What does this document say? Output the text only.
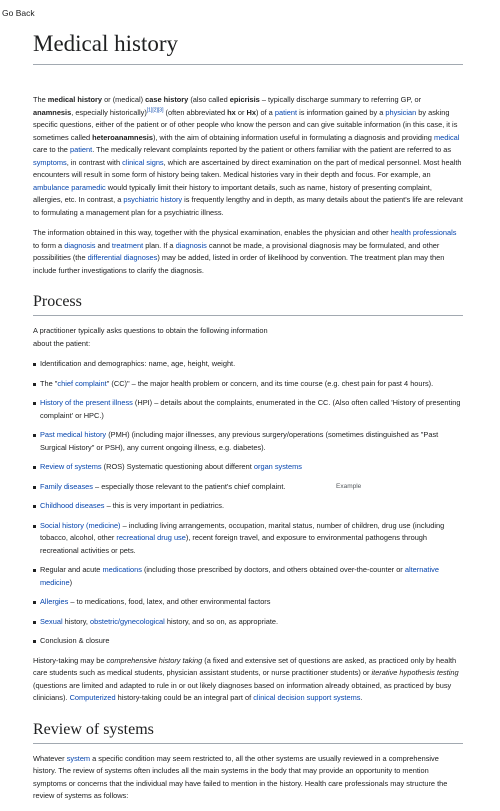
Go Back
Medical history

The medical history or (medical) case history (also called epicrisis – typically discharge summary to referring GP, or anamnesis, especially historically)[1][2][3] (often abbreviated hx or Hx) of a patient is information gained by a physician by asking specific questions, either of the patient or of other people who know the person and can give suitable information (in this case, it is sometimes called heteroanamnesis), with the aim of obtaining information useful in formulating a diagnosis and providing medical care to the patient. The medically relevant complaints reported by the patient or others familiar with the patient are referred to as symptoms, in contrast with clinical signs, which are ascertained by direct examination on the part of medical personnel. Most health encounters will result in some form of history being taken. Medical histories vary in their depth and focus. For example, an ambulance paramedic would typically limit their history to important details, such as name, history of presenting complaint, allergies, etc. In contrast, a psychiatric history is frequently lengthy and in depth, as many details about the patient's life are relevant to formulating a management plan for a psychiatric illness.

The information obtained in this way, together with the physical examination, enables the physician and other health professionals to form a diagnosis and treatment plan. If a diagnosis cannot be made, a provisional diagnosis may be formulated, and other possibilities (the differential diagnoses) may be added, listed in order of likelihood by convention. The treatment plan may then include further investigations to clarify the diagnosis.

Process

A practitioner typically asks questions to obtain the following information about the patient:

Example
Identification and demographics: name, age, height, weight.
The "chief complaint" (CC)" – the major health problem or concern, and its time course (e.g. chest pain for past 4 hours).
History of the present illness (HPI) – details about the complaints, enumerated in the CC. (Also often called 'History of presenting complaint' or HPC.)
Past medical history (PMH) (including major illnesses, any previous surgery/operations (sometimes distinguished as "Past Surgical History" or PSH), any current ongoing illness, e.g. diabetes).
Review of systems (ROS) Systematic questioning about different organ systems
Family diseases – especially those relevant to the patient's chief complaint.
Childhood diseases – this is very important in pediatrics.
Social history (medicine) – including living arrangements, occupation, marital status, number of children, drug use (including tobacco, alcohol, other recreational drug use), recent foreign travel, and exposure to environmental pathogens through recreational activities or pets.
Regular and acute medications (including those prescribed by doctors, and others obtained over-the-counter or alternative medicine)
Allergies – to medications, food, latex, and other environmental factors
Sexual history, obstetric/gynecological history, and so on, as appropriate.
Conclusion & closure

History-taking may be comprehensive history taking (a fixed and extensive set of questions are asked, as practiced only by health care students such as medical students, physician assistant students, or nurse practitioner students) or iterative hypothesis testing (questions are limited and adapted to rule in or out likely diagnoses based on information already obtained, as practiced by busy clinicians). Computerized history-taking could be an integral part of clinical decision support systems.

Review of systems

Whatever system a specific condition may seem restricted to, all the other systems are usually reviewed in a comprehensive history. The review of systems often includes all the main systems in the body that may provide an opportunity to mention symptoms or concerns that the individual may have failed to mention in the history. Health care professionals may structure the review of systems as follows:
